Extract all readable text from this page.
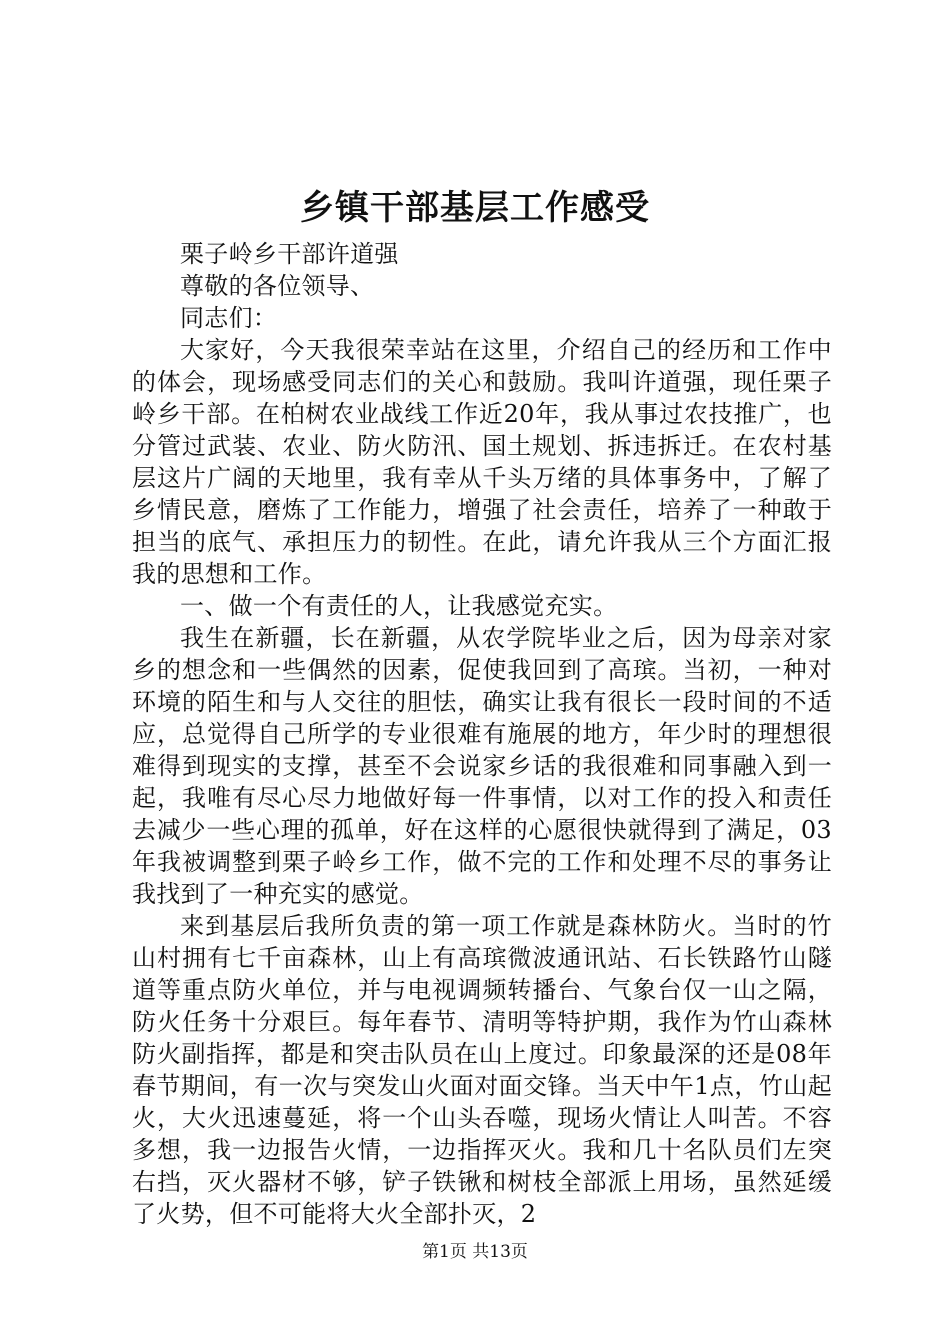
乡镇干部基层工作感受

栗子岭乡干部许道强

尊敬的各位领导、

同志们：

大家好，今天我很荣幸站在这里，介绍自己的经历和工作中的体会，现场感受同志们的关心和鼓励。我叫许道强，现任栗子岭乡干部。在柏树农业战线工作近20年，我从事过农技推广，也分管过武装、农业、防火防汛、国土规划、拆违拆迁。在农村基层这片广阔的天地里，我有幸从千头万绪的具体事务中，了解了乡情民意，磨炼了工作能力，增强了社会责任，培养了一种敢于担当的底气、承担压力的韧性。在此，请允许我从三个方面汇报我的思想和工作。

一、做一个有责任的人，让我感觉充实。

我生在新疆，长在新疆，从农学院毕业之后，因为母亲对家乡的想念和一些偶然的因素，促使我回到了高瑸。当初，一种对环境的陌生和与人交往的胆怯，确实让我有很长一段时间的不适应，总觉得自己所学的专业很难有施展的地方，年少时的理想很难得到现实的支撑，甚至不会说家乡话的我很难和同事融入到一起，我唯有尽心尽力地做好每一件事情，以对工作的投入和责任去减少一些心理的孤单，好在这样的心愿很快就得到了满足，03年我被调整到栗子岭乡工作，做不完的工作和处理不尽的事务让我找到了一种充实的感觉。

来到基层后我所负责的第一项工作就是森林防火。当时的竹山村拥有七千亩森林，山上有高瑸微波通讯站、石长铁路竹山隧道等重点防火单位，并与电视调频转播台、气象台仅一山之隔，防火任务十分艰巨。每年春节、清明等特护期，我作为竹山森林防火副指挥，都是和突击队员在山上度过。印象最深的还是08年春节期间，有一次与突发山火面对面交锋。当天中午1点，竹山起火，大火迅速蔓延，将一个山头吞噬，现场火情让人叫苦。不容多想，我一边报告火情，一边指挥灭火。我和几十名队员们左突右挡，灭火器材不够，铲子铁锹和树枝全部派上用场，虽然延缓了火势，但不可能将大火全部扑灭，2

第1页 共13页
